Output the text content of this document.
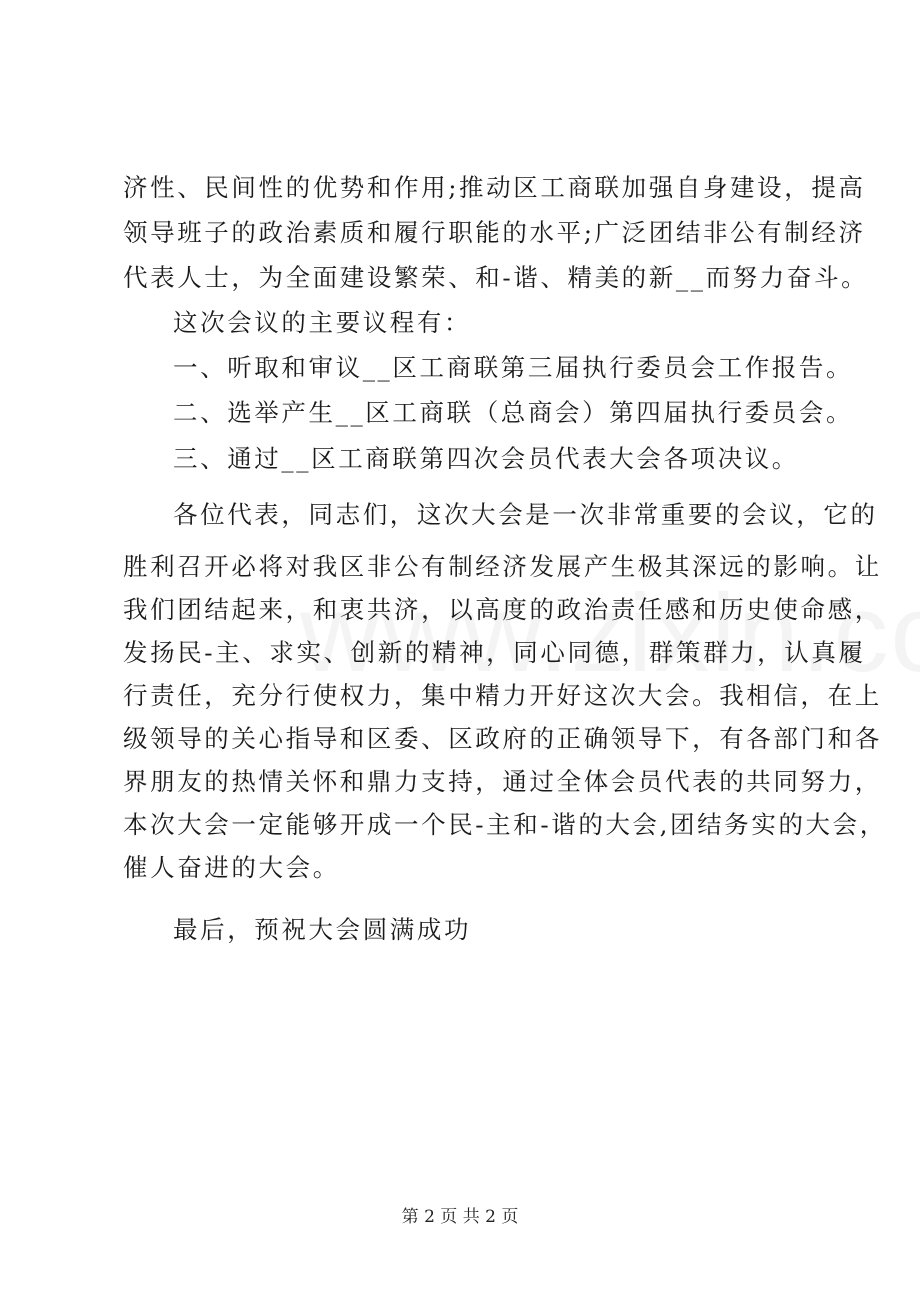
济性、民间性的优势和作用;推动区工商联加强自身建设，提高
领导班子的政治素质和履行职能的水平;广泛团结非公有制经济
代表人士，为全面建设繁荣、和-谐、精美的新__而努力奋斗。
这次会议的主要议程有：
一、听取和审议__区工商联第三届执行委员会工作报告。
二、选举产生__区工商联（总商会）第四届执行委员会。
三、通过__区工商联第四次会员代表大会各项决议。
各位代表，同志们，这次大会是一次非常重要的会议，它的
胜利召开必将对我区非公有制经济发展产生极其深远的影响。让
我们团结起来，和衷共济，以高度的政治责任感和历史使命感，
发扬民-主、求实、创新的精神，同心同德，群策群力，认真履
行责任，充分行使权力，集中精力开好这次大会。我相信，在上
级领导的关心指导和区委、区政府的正确领导下，有各部门和各
界朋友的热情关怀和鼎力支持，通过全体会员代表的共同努力，
本次大会一定能够开成一个民-主和-谐的大会,团结务实的大会，
催人奋进的大会。
最后，预祝大会圆满成功
第 2 页 共 2 页
